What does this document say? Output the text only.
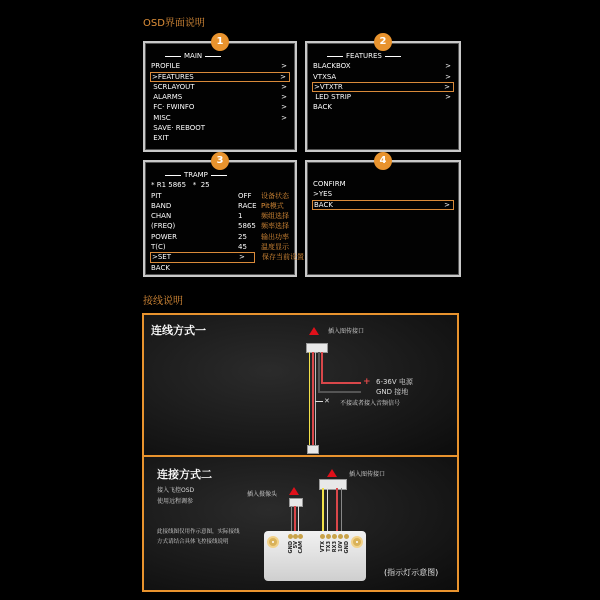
OSD界面说明
1
MAIN
PROFILE	>
>FEATURES	>
SCRLAYOUT	>
ALARMS	>
FC· FWINFO	>
MISC	>
SAVE· REBOOT
EXIT
2
FEATURES
BLACKBOX	>
VTXSA	>
>VTXTR	>
LED STRIP	>
BACK
3
TRAMP
* R1 5865   *  25
PIT	OFF 设备状态
BAND	RACE Pit模式
CHAN	1	频组选择
(FREQ)	5865 频率选择
POWER	25 输出功率
T(C)	45 温度显示
>SET	> 保存当前设置
BACK
4
CONFIRM
>YES
BACK	>
接线说明
连线方式一	插入图传接口
+ 6-36V 电源
GND 接地
✕ 不接或者接入音频信号
连接方式二
接入飞控OSD
使用远程调参
此接线图仅用作示意图，实际接线
方式请结合具体飞控接线说明
插入摄像头
插入图传接口
GND 5V CAM	VTX TX3 RX3 10V GND
(指示灯示意图)
